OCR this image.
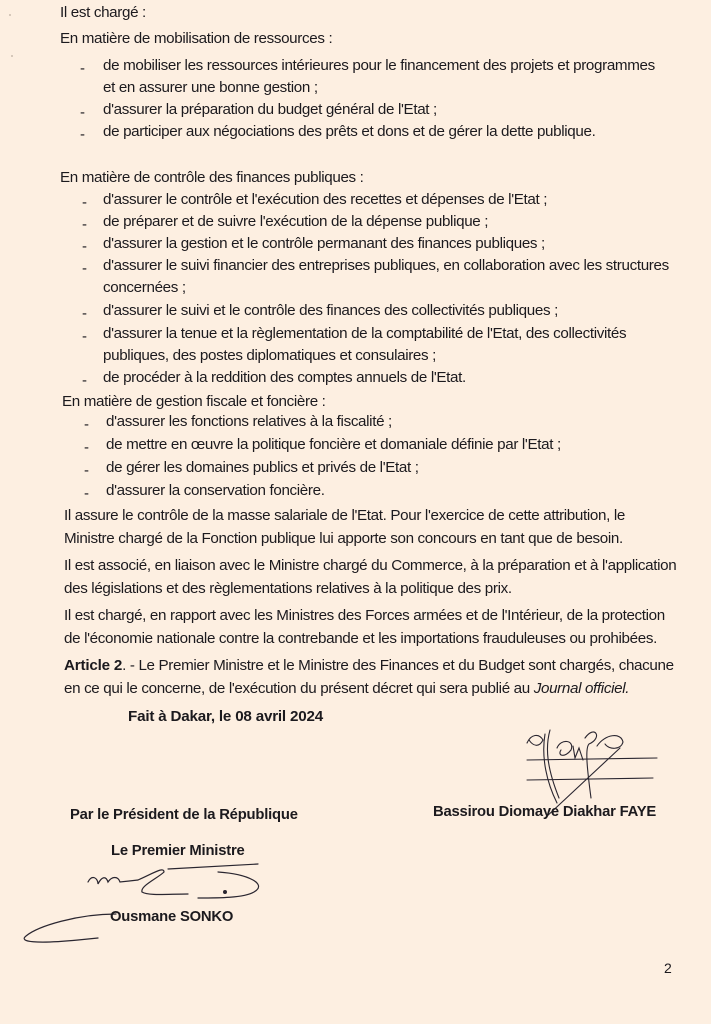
Il est chargé :
En matière de mobilisation de ressources :
- de mobiliser les ressources intérieures pour le financement des projets et programmes
et en assurer une bonne gestion ;
- d'assurer la préparation du budget général de l'Etat ;
- de participer aux négociations des prêts et dons et de gérer la dette publique.
En matière de contrôle des finances publiques :
- d'assurer le contrôle et l'exécution des recettes et dépenses de l'Etat ;
- de préparer et de suivre l'exécution de la dépense publique ;
- d'assurer la gestion et le contrôle permanant des finances publiques ;
- d'assurer le suivi financier des entreprises publiques, en collaboration avec les structures
concernées ;
- d'assurer le suivi et le contrôle des finances des collectivités publiques ;
- d'assurer la tenue et la règlementation de la comptabilité de l'Etat, des collectivités
publiques, des postes diplomatiques et consulaires ;
- de procéder à la reddition des comptes annuels de l'Etat.
En matière de gestion fiscale et foncière :
- d'assurer les fonctions relatives à la fiscalité ;
- de mettre en œuvre la politique foncière et domaniale définie par l'Etat ;
- de gérer les domaines publics et privés de l'Etat ;
- d'assurer la conservation foncière.
Il assure le contrôle de la masse salariale de l'Etat. Pour l'exercice de cette attribution, le
Ministre chargé de la Fonction publique lui apporte son concours en tant que de besoin.
Il est associé, en liaison avec le Ministre chargé du Commerce, à la préparation et à l'application
des législations et des règlementations relatives à la politique des prix.
Il est chargé, en rapport avec les Ministres des Forces armées et de l'Intérieur, de la protection
de l'économie nationale contre la contrebande et les importations frauduleuses ou prohibées.
Article 2. - Le Premier Ministre et le Ministre des Finances et du Budget sont chargés, chacune
en ce qui le concerne, de l'exécution du présent décret qui sera publié au Journal officiel.
Fait à Dakar, le 08 avril 2024
Bassirou Diomaye Diakhar FAYE
Par le Président de la République
Le Premier Ministre
Ousmane SONKO
2
